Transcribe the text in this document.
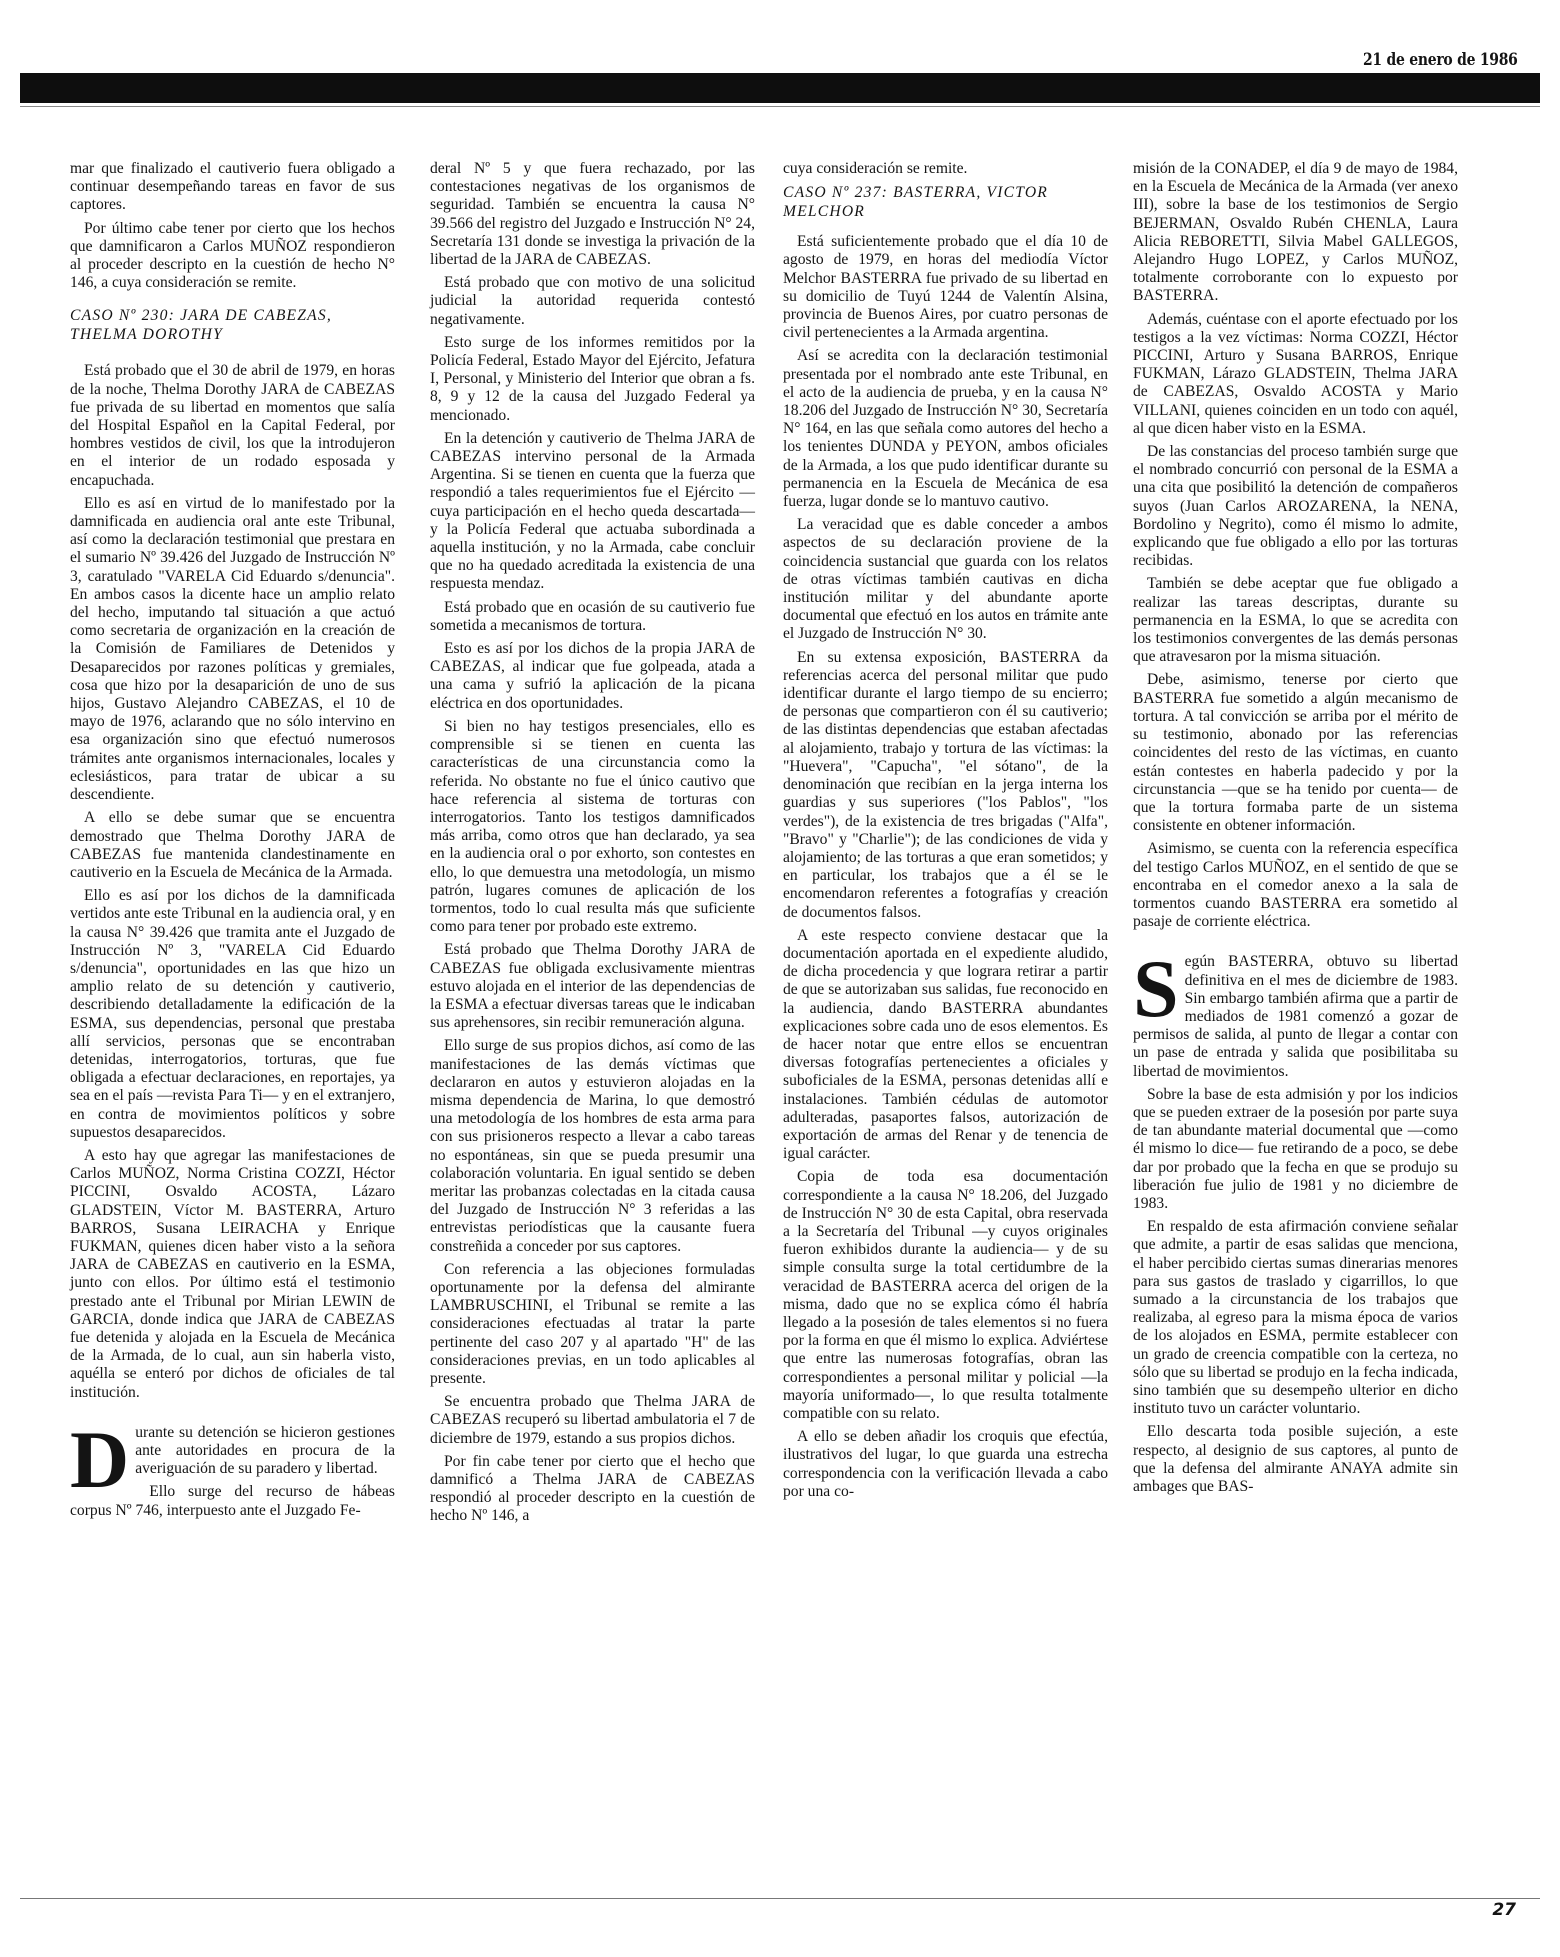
21 de enero de 1986

mar que finalizado el cautiverio fuera obligado a continuar desempeñando tareas en favor de sus captores.

Por último cabe tener por cierto que los hechos que damnificaron a Carlos MUÑOZ respondieron al proceder descripto en la cuestión de hecho N° 146, a cuya consideración se remite.

CASO Nº 230: JARA DE CABEZAS, THELMA DOROTHY

Está probado que el 30 de abril de 1979, en horas de la noche, Thelma Dorothy JARA de CABEZAS fue privada de su libertad en momentos que salía del Hospital Español en la Capital Federal, por hombres vestidos de civil, los que la introdujeron en el interior de un rodado esposada y encapuchada.

Ello es así en virtud de lo manifestado por la damnificada en audiencia oral ante este Tribunal, así como la declaración testimonial que prestara en el sumario Nº 39.426 del Juzgado de Instrucción Nº 3, caratulado "VARELA Cid Eduardo s/denuncia". En ambos casos la dicente hace un amplio relato del hecho, imputando tal situación a que actuó como secretaria de organización en la creación de la Comisión de Familiares de Detenidos y Desaparecidos por razones políticas y gremiales, cosa que hizo por la desaparición de uno de sus hijos, Gustavo Alejandro CABEZAS, el 10 de mayo de 1976, aclarando que no sólo intervino en esa organización sino que efectuó numerosos trámites ante organismos internacionales, locales y eclesiásticos, para tratar de ubicar a su descendiente.

A ello se debe sumar que se encuentra demostrado que Thelma Dorothy JARA de CABEZAS fue mantenida clandestinamente en cautiverio en la Escuela de Mecánica de la Armada.

Ello es así por los dichos de la damnificada vertidos ante este Tribunal en la audiencia oral, y en la causa N° 39.426 que tramita ante el Juzgado de Instrucción Nº 3, "VARELA Cid Eduardo s/denuncia", oportunidades en las que hizo un amplio relato de su detención y cautiverio, describiendo detalladamente la edificación de la ESMA, sus dependencias, personal que prestaba allí servicios, personas que se encontraban detenidas, interrogatorios, torturas, que fue obligada a efectuar declaraciones, en reportajes, ya sea en el país —revista Para Ti— y en el extranjero, en contra de movimientos políticos y sobre supuestos desaparecidos.

A esto hay que agregar las manifestaciones de Carlos MUÑOZ, Norma Cristina COZZI, Héctor PICCINI, Osvaldo ACOSTA, Lázaro GLADSTEIN, Víctor M. BASTERRA, Arturo BARROS, Susana LEIRACHA y Enrique FUKMAN, quienes dicen haber visto a la señora JARA de CABEZAS en cautiverio en la ESMA, junto con ellos. Por último está el testimonio prestado ante el Tribunal por Mirian LEWIN de GARCIA, donde indica que JARA de CABEZAS fue detenida y alojada en la Escuela de Mecánica de la Armada, de lo cual, aun sin haberla visto, aquélla se enteró por dichos de oficiales de tal institución.

Durante su detención se hicieron gestiones ante autoridades en procura de la averiguación de su paradero y libertad.

Ello surge del recurso de hábeas corpus Nº 746, interpuesto ante el Juzgado Fe-

deral Nº 5 y que fuera rechazado, por las contestaciones negativas de los organismos de seguridad. También se encuentra la causa N° 39.566 del registro del Juzgado e Instrucción N° 24, Secretaría 131 donde se investiga la privación de la libertad de la JARA de CABEZAS.

Está probado que con motivo de una solicitud judicial la autoridad requerida contestó negativamente.

Esto surge de los informes remitidos por la Policía Federal, Estado Mayor del Ejército, Jefatura I, Personal, y Ministerio del Interior que obran a fs. 8, 9 y 12 de la causa del Juzgado Federal ya mencionado.

En la detención y cautiverio de Thelma JARA de CABEZAS intervino personal de la Armada Argentina. Si se tienen en cuenta que la fuerza que respondió a tales requerimientos fue el Ejército —cuya participación en el hecho queda descartada— y la Policía Federal que actuaba subordinada a aquella institución, y no la Armada, cabe concluir que no ha quedado acreditada la existencia de una respuesta mendaz.

Está probado que en ocasión de su cautiverio fue sometida a mecanismos de tortura.

Esto es así por los dichos de la propia JARA de CABEZAS, al indicar que fue golpeada, atada a una cama y sufrió la aplicación de la picana eléctrica en dos oportunidades.

Si bien no hay testigos presenciales, ello es comprensible si se tienen en cuenta las características de una circunstancia como la referida. No obstante no fue el único cautivo que hace referencia al sistema de torturas con interrogatorios. Tanto los testigos damnificados más arriba, como otros que han declarado, ya sea en la audiencia oral o por exhorto, son contestes en ello, lo que demuestra una metodología, un mismo patrón, lugares comunes de aplicación de los tormentos, todo lo cual resulta más que suficiente como para tener por probado este extremo.

Está probado que Thelma Dorothy JARA de CABEZAS fue obligada exclusivamente mientras estuvo alojada en el interior de las dependencias de la ESMA a efectuar diversas tareas que le indicaban sus aprehensores, sin recibir remuneración alguna.

Ello surge de sus propios dichos, así como de las manifestaciones de las demás víctimas que declararon en autos y estuvieron alojadas en la misma dependencia de Marina, lo que demostró una metodología de los hombres de esta arma para con sus prisioneros respecto a llevar a cabo tareas no espontáneas, sin que se pueda presumir una colaboración voluntaria. En igual sentido se deben meritar las probanzas colectadas en la citada causa del Juzgado de Instrucción N° 3 referidas a las entrevistas periodísticas que la causante fuera constreñida a conceder por sus captores.

Con referencia a las objeciones formuladas oportunamente por la defensa del almirante LAMBRUSCHINI, el Tribunal se remite a las consideraciones efectuadas al tratar la parte pertinente del caso 207 y al apartado "H" de las consideraciones previas, en un todo aplicables al presente.

Se encuentra probado que Thelma JARA de CABEZAS recuperó su libertad ambulatoria el 7 de diciembre de 1979, estando a sus propios dichos.

Por fin cabe tener por cierto que el hecho que damnificó a Thelma JARA de CABEZAS respondió al proceder descripto en la cuestión de hecho Nº 146, a

cuya consideración se remite.

CASO Nº 237: BASTERRA, VICTOR MELCHOR

Está suficientemente probado que el día 10 de agosto de 1979, en horas del mediodía Víctor Melchor BASTERRA fue privado de su libertad en su domicilio de Tuyú 1244 de Valentín Alsina, provincia de Buenos Aires, por cuatro personas de civil pertenecientes a la Armada argentina.

Así se acredita con la declaración testimonial presentada por el nombrado ante este Tribunal, en el acto de la audiencia de prueba, y en la causa N° 18.206 del Juzgado de Instrucción N° 30, Secretaría N° 164, en las que señala como autores del hecho a los tenientes DUNDA y PEYON, ambos oficiales de la Armada, a los que pudo identificar durante su permanencia en la Escuela de Mecánica de esa fuerza, lugar donde se lo mantuvo cautivo.

La veracidad que es dable conceder a ambos aspectos de su declaración proviene de la coincidencia sustancial que guarda con los relatos de otras víctimas también cautivas en dicha institución militar y del abundante aporte documental que efectuó en los autos en trámite ante el Juzgado de Instrucción N° 30.

En su extensa exposición, BASTERRA da referencias acerca del personal militar que pudo identificar durante el largo tiempo de su encierro; de personas que compartieron con él su cautiverio; de las distintas dependencias que estaban afectadas al alojamiento, trabajo y tortura de las víctimas: la "Huevera", "Capucha", "el sótano", de la denominación que recibían en la jerga interna los guardias y sus superiores ("los Pablos", "los verdes"), de la existencia de tres brigadas ("Alfa", "Bravo" y "Charlie"); de las condiciones de vida y alojamiento; de las torturas a que eran sometidos; y en particular, los trabajos que a él se le encomendaron referentes a fotografías y creación de documentos falsos.

A este respecto conviene destacar que la documentación aportada en el expediente aludido, de dicha procedencia y que lograra retirar a partir de que se autorizaban sus salidas, fue reconocido en la audiencia, dando BASTERRA abundantes explicaciones sobre cada uno de esos elementos. Es de hacer notar que entre ellos se encuentran diversas fotografías pertenecientes a oficiales y suboficiales de la ESMA, personas detenidas allí e instalaciones. También cédulas de automotor adulteradas, pasaportes falsos, autorización de exportación de armas del Renar y de tenencia de igual carácter.

Copia de toda esa documentación correspondiente a la causa N° 18.206, del Juzgado de Instrucción N° 30 de esta Capital, obra reservada a la Secretaría del Tribunal —y cuyos originales fueron exhibidos durante la audiencia— y de su simple consulta surge la total certidumbre de la veracidad de BASTERRA acerca del origen de la misma, dado que no se explica cómo él habría llegado a la posesión de tales elementos si no fuera por la forma en que él mismo lo explica. Adviértese que entre las numerosas fotografías, obran las correspondientes a personal militar y policial —la mayoría uniformado—, lo que resulta totalmente compatible con su relato.

A ello se deben añadir los croquis que efectúa, ilustrativos del lugar, lo que guarda una estrecha correspondencia con la verificación llevada a cabo por una co-

misión de la CONADEP, el día 9 de mayo de 1984, en la Escuela de Mecánica de la Armada (ver anexo III), sobre la base de los testimonios de Sergio BEJERMAN, Osvaldo Rubén CHENLA, Laura Alicia REBORETTI, Silvia Mabel GALLEGOS, Alejandro Hugo LOPEZ, y Carlos MUÑOZ, totalmente corroborante con lo expuesto por BASTERRA.

Además, cuéntase con el aporte efectuado por los testigos a la vez víctimas: Norma COZZI, Héctor PICCINI, Arturo y Susana BARROS, Enrique FUKMAN, Lárazo GLADSTEIN, Thelma JARA de CABEZAS, Osvaldo ACOSTA y Mario VILLANI, quienes coinciden en un todo con aquél, al que dicen haber visto en la ESMA.

De las constancias del proceso también surge que el nombrado concurrió con personal de la ESMA a una cita que posibilitó la detención de compañeros suyos (Juan Carlos AROZARENA, la NENA, Bordolino y Negrito), como él mismo lo admite, explicando que fue obligado a ello por las torturas recibidas.

También se debe aceptar que fue obligado a realizar las tareas descriptas, durante su permanencia en la ESMA, lo que se acredita con los testimonios convergentes de las demás personas que atravesaron por la misma situación.

Debe, asimismo, tenerse por cierto que BASTERRA fue sometido a algún mecanismo de tortura. A tal convicción se arriba por el mérito de su testimonio, abonado por las referencias coincidentes del resto de las víctimas, en cuanto están contestes en haberla padecido y por la circunstancia —que se ha tenido por cuenta— de que la tortura formaba parte de un sistema consistente en obtener información.

Asimismo, se cuenta con la referencia específica del testigo Carlos MUÑOZ, en el sentido de que se encontraba en el comedor anexo a la sala de tormentos cuando BASTERRA era sometido al pasaje de corriente eléctrica.

Según BASTERRA, obtuvo su libertad definitiva en el mes de diciembre de 1983. Sin embargo también afirma que a partir de mediados de 1981 comenzó a gozar de permisos de salida, al punto de llegar a contar con un pase de entrada y salida que posibilitaba su libertad de movimientos.

Sobre la base de esta admisión y por los indicios que se pueden extraer de la posesión por parte suya de tan abundante material documental que —como él mismo lo dice— fue retirando de a poco, se debe dar por probado que la fecha en que se produjo su liberación fue julio de 1981 y no diciembre de 1983.

En respaldo de esta afirmación conviene señalar que admite, a partir de esas salidas que menciona, el haber percibido ciertas sumas dinerarias menores para sus gastos de traslado y cigarrillos, lo que sumado a la circunstancia de los trabajos que realizaba, al egreso para la misma época de varios de los alojados en ESMA, permite establecer con un grado de creencia compatible con la certeza, no sólo que su libertad se produjo en la fecha indicada, sino también que su desempeño ulterior en dicho instituto tuvo un carácter voluntario.

Ello descarta toda posible sujeción, a este respecto, al designio de sus captores, al punto de que la defensa del almirante ANAYA admite sin ambages que BAS-

27
